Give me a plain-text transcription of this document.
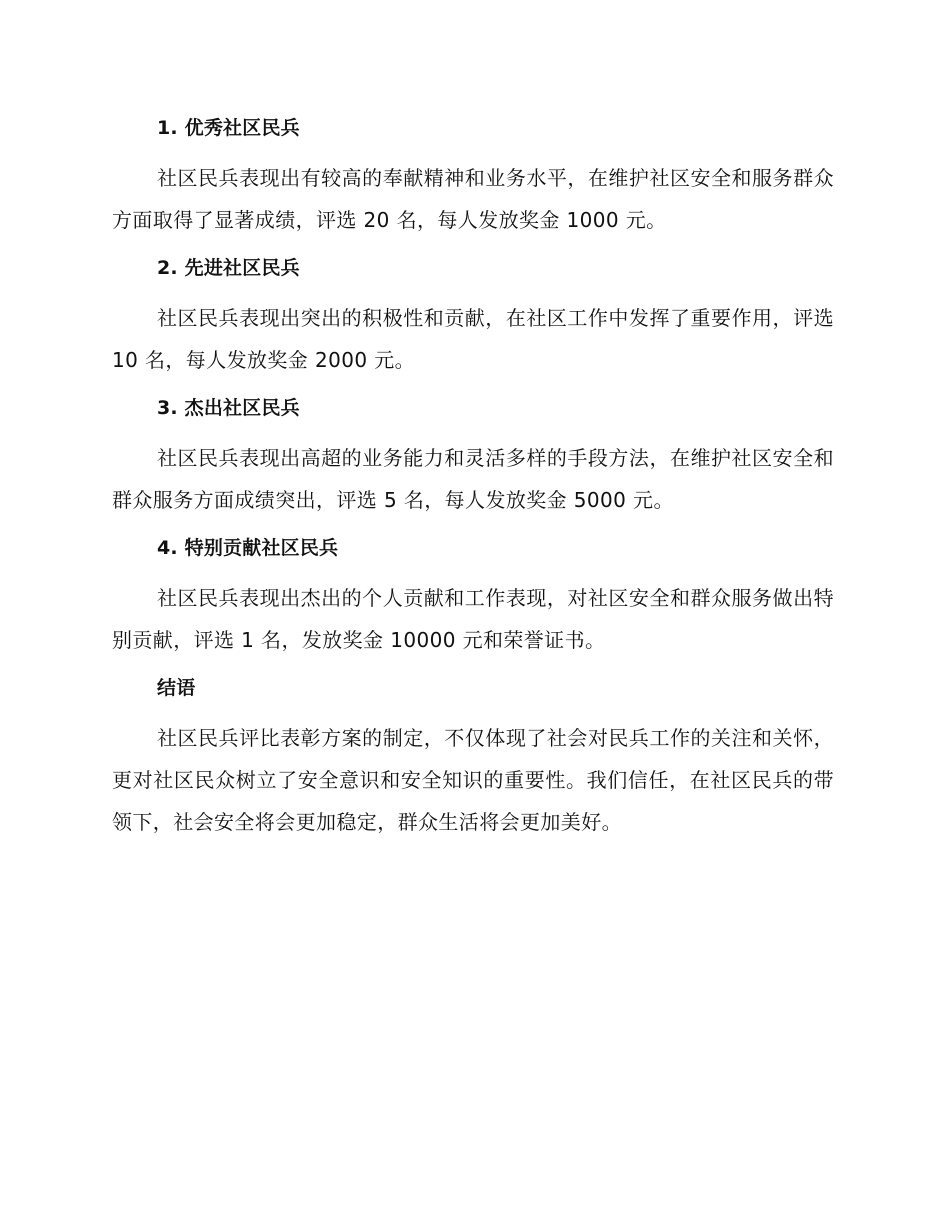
1. 优秀社区民兵

社区民兵表现出有较高的奉献精神和业务水平，在维护社区安全和服务群众方面取得了显著成绩，评选 20 名，每人发放奖金 1000 元。

2. 先进社区民兵

社区民兵表现出突出的积极性和贡献，在社区工作中发挥了重要作用，评选 10 名，每人发放奖金 2000 元。

3. 杰出社区民兵

社区民兵表现出高超的业务能力和灵活多样的手段方法，在维护社区安全和群众服务方面成绩突出，评选 5 名，每人发放奖金 5000 元。

4. 特别贡献社区民兵

社区民兵表现出杰出的个人贡献和工作表现，对社区安全和群众服务做出特别贡献，评选 1 名，发放奖金 10000 元和荣誉证书。

结语

社区民兵评比表彰方案的制定，不仅体现了社会对民兵工作的关注和关怀，更对社区民众树立了安全意识和安全知识的重要性。我们信任，在社区民兵的带领下，社会安全将会更加稳定，群众生活将会更加美好。
